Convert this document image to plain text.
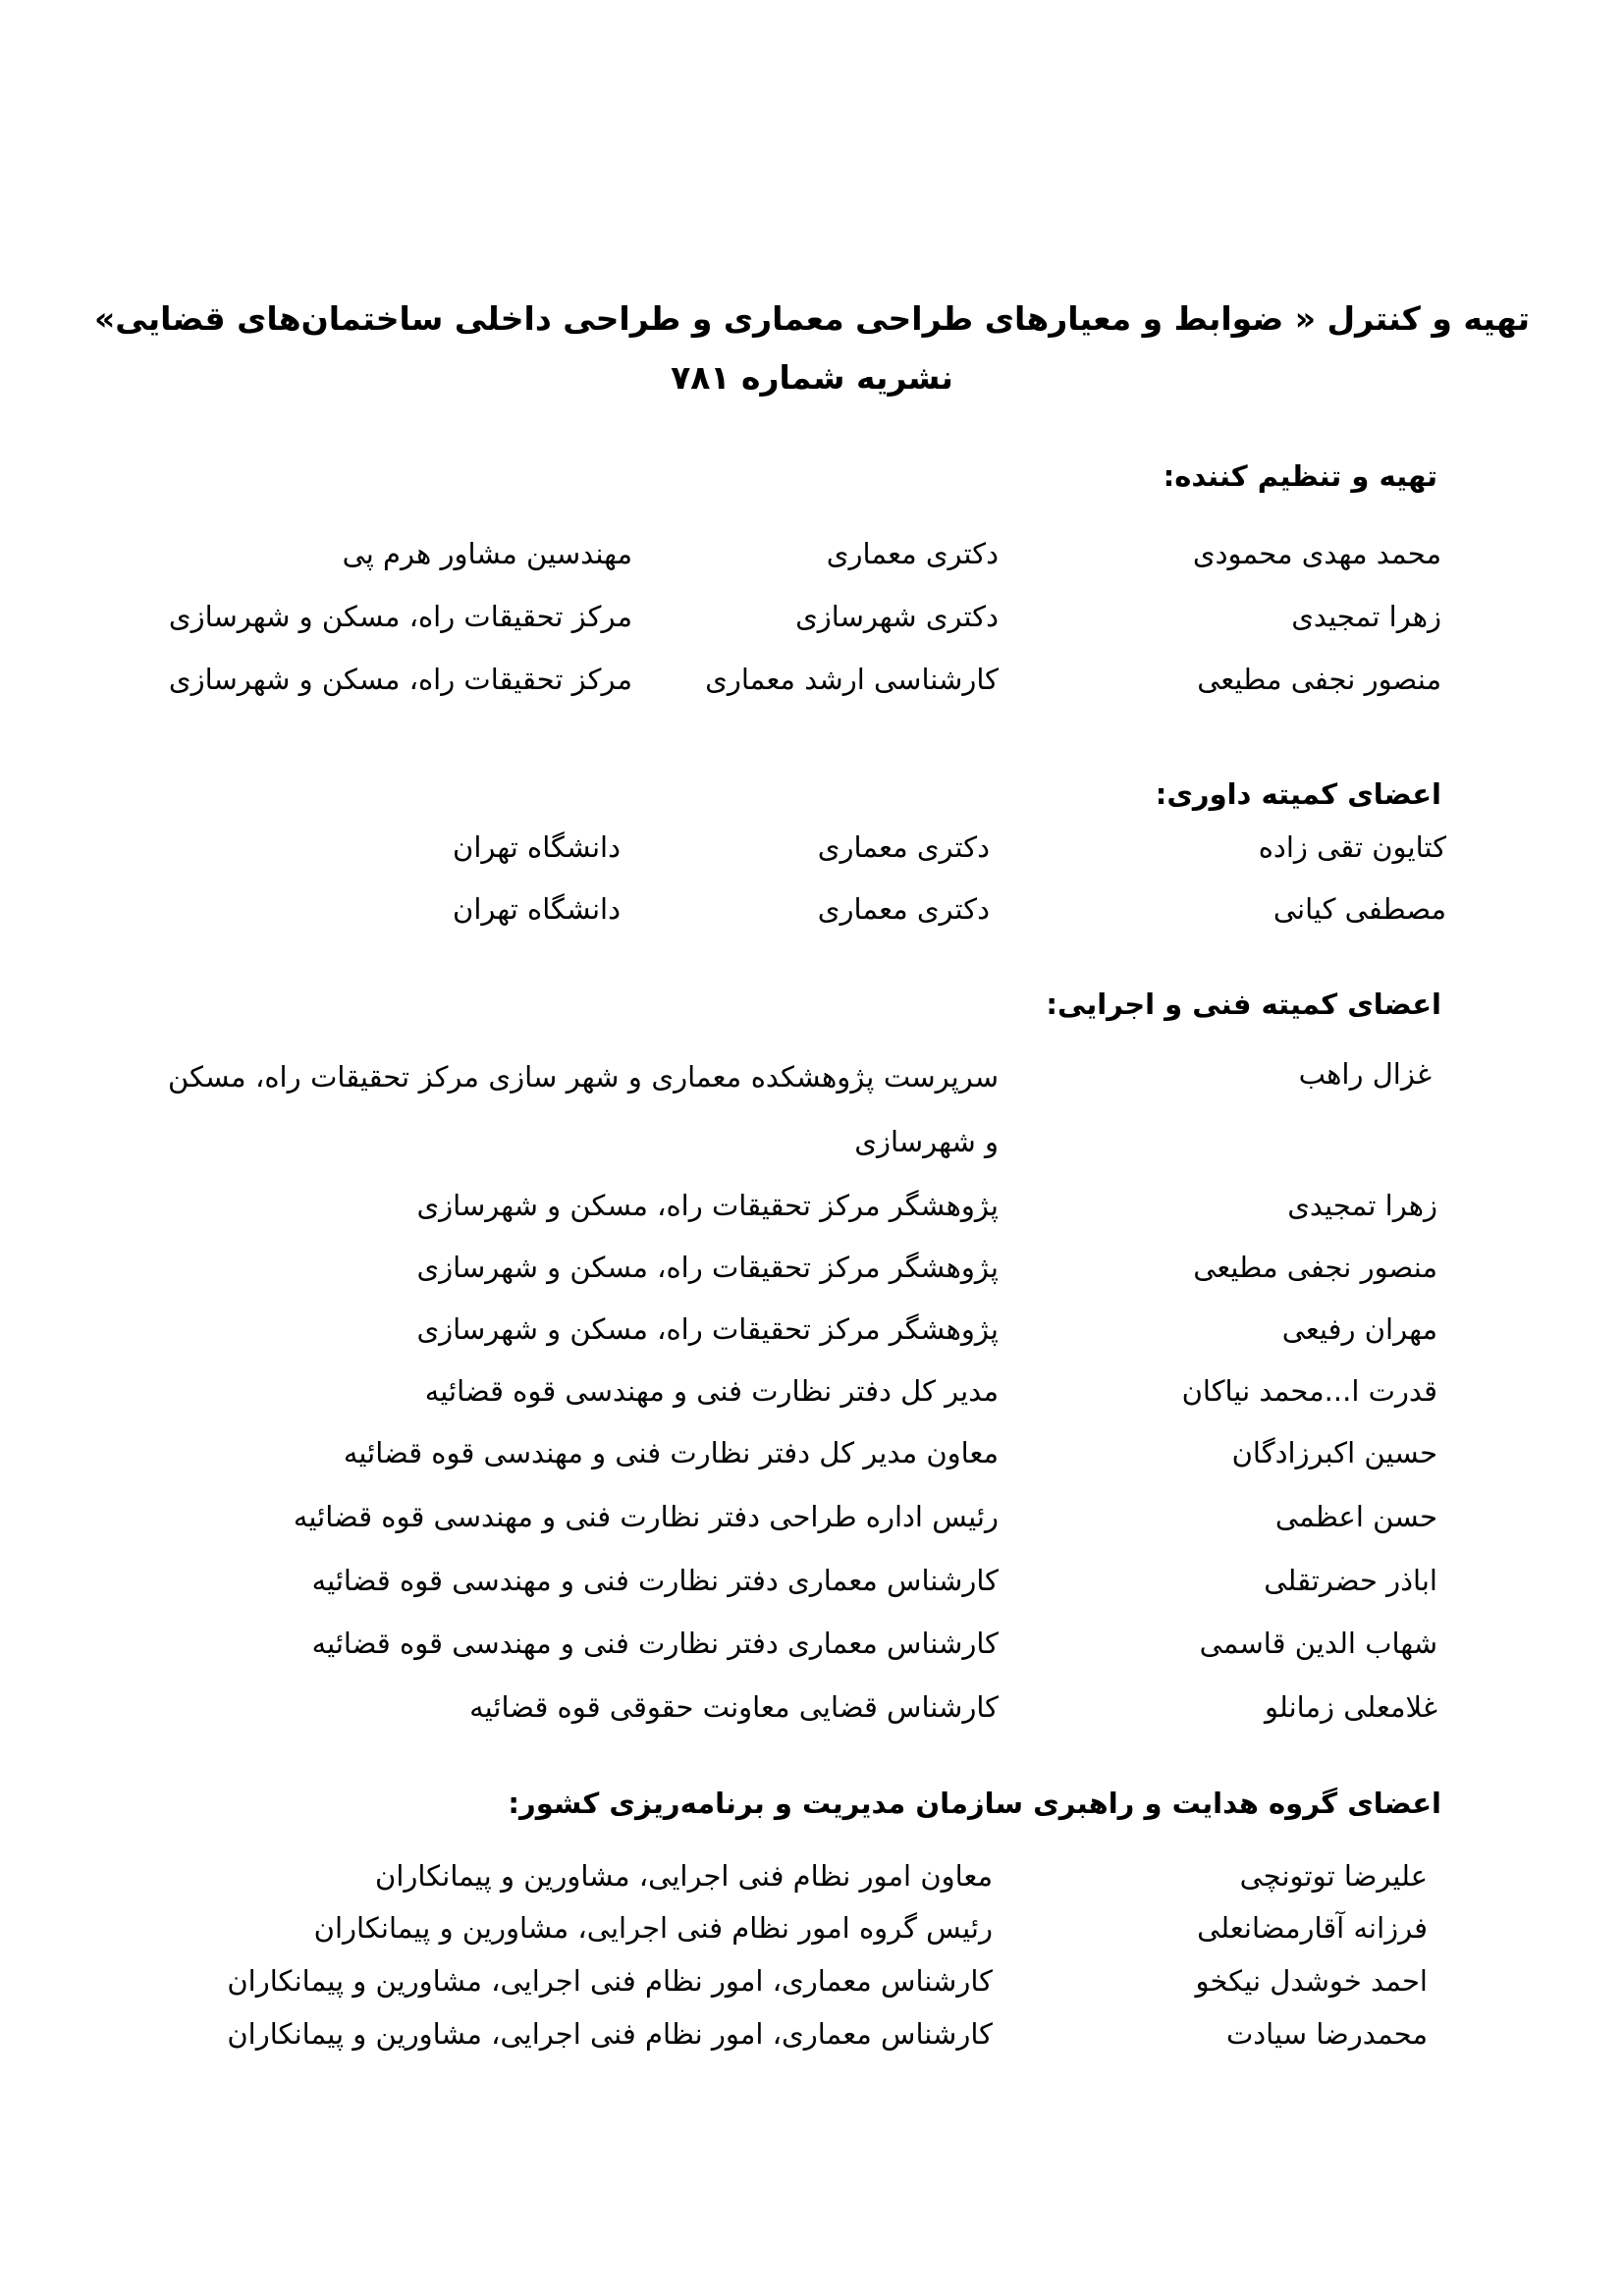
تهیه و کنترل « ضوابط و معیارهای طراحی معماری و طراحی داخلی ساختمان‌های قضایی»
نشریه شماره ۷۸۱
تهیه و تنظیم کننده:
محمد مهدی محمودی
دکتری معماری
مهندسین مشاور هرم پی
زهرا تمجیدی
دکتری شهرسازی
مرکز تحقیقات راه، مسکن و شهرسازی
منصور نجفی مطیعی
کارشناسی ارشد معماری
مرکز تحقیقات راه، مسکن و شهرسازی
اعضای کمیته داوری:
کتایون تقی زاده
دکتری معماری
دانشگاه تهران
مصطفی کیانی
دکتری معماری
دانشگاه تهران
اعضای کمیته فنی و اجرایی:
غزال راهب
سرپرست پژوهشکده معماری و شهر سازی مرکز تحقیقات راه، مسکن و شهرسازی
زهرا تمجیدی
پژوهشگر مرکز تحقیقات راه، مسکن و شهرسازی
منصور نجفی مطیعی
پژوهشگر مرکز تحقیقات راه، مسکن و شهرسازی
مهران رفیعی
پژوهشگر مرکز تحقیقات راه، مسکن و شهرسازی
قدرت ا...محمد نیاکان
مدیر کل دفتر نظارت فنی و مهندسی قوه قضائیه
حسین اکبرزادگان
معاون مدیر کل دفتر نظارت فنی و مهندسی قوه قضائیه
حسن اعظمی
رئیس اداره طراحی دفتر نظارت فنی و مهندسی قوه قضائیه
اباذر حضرتقلی
کارشناس معماری دفتر نظارت فنی و مهندسی قوه قضائیه
شهاب الدین قاسمی
کارشناس معماری دفتر نظارت فنی و مهندسی قوه قضائیه
غلامعلی زمانلو
کارشناس قضایی معاونت حقوقی قوه قضائیه
اعضای گروه هدایت و راهبری سازمان مدیریت و برنامه‌ریزی کشور:
علیرضا توتونچی
معاون امور نظام فنی اجرایی، مشاورین و پیمانکاران
فرزانه آقارمضانعلی
رئیس گروه امور نظام فنی اجرایی، مشاورین و پیمانکاران
احمد خوشدل نیکخو
کارشناس معماری، امور نظام فنی اجرایی، مشاورین و پیمانکاران
محمدرضا سیادت
کارشناس معماری، امور نظام فنی اجرایی، مشاورین و پیمانکاران
